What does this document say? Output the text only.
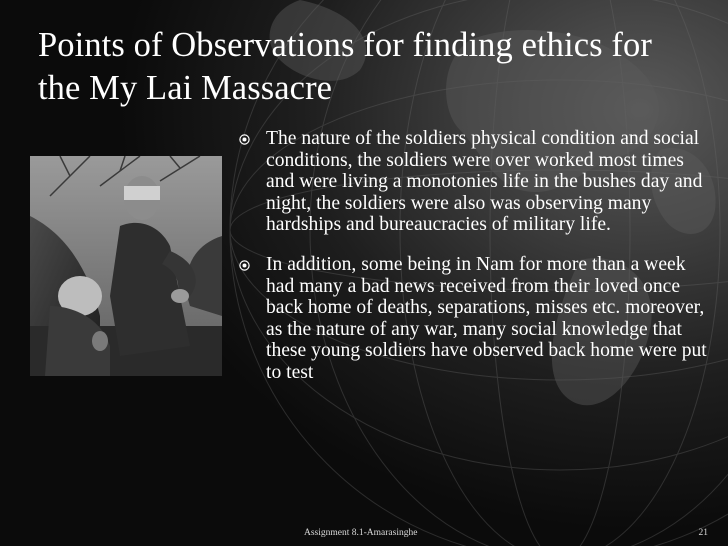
Points of Observations for finding ethics for the My Lai Massacre
The nature of the soldiers physical condition and social conditions, the soldiers were over worked most times and were living a monotonies life in the bushes day and night, the soldiers were also was observing many hardships and bureaucracies of military life.
In addition, some being in Nam for more than a week had many a bad news received from their loved once back home of deaths, separations, misses etc. moreover, as the nature of any war, many social knowledge that these young soldiers have observed back home were put to test
Assignment 8.1-Amarasinghe	21
